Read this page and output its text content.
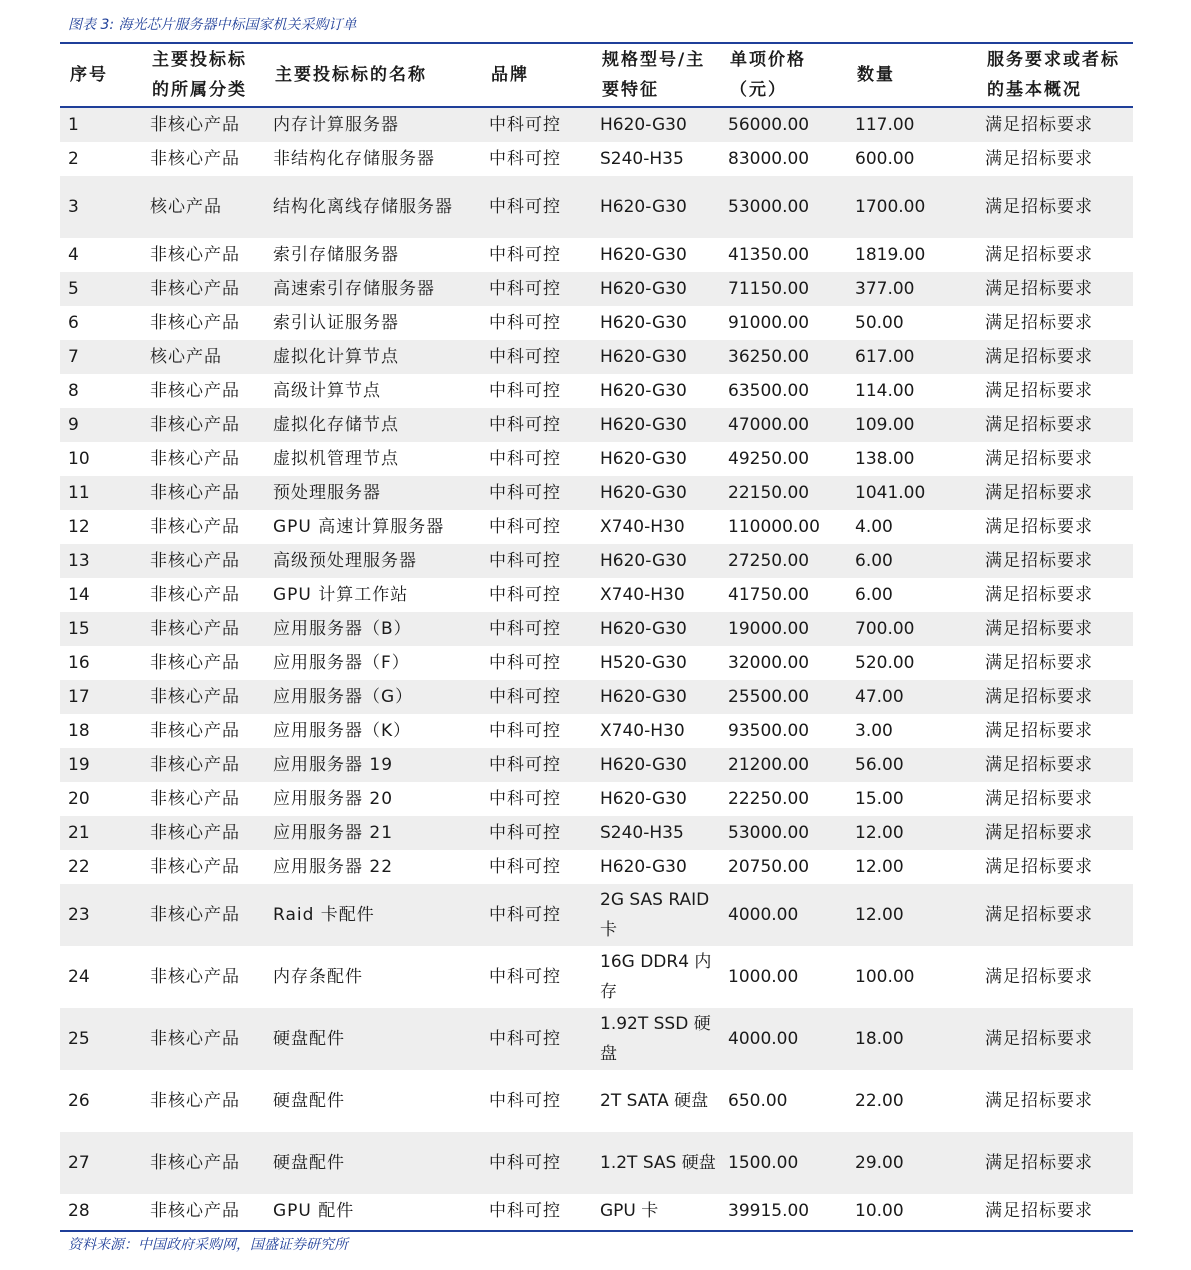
图表 3: 海光芯片服务器中标国家机关采购订单
序号	主要投标标的所属分类	主要投标标的名称	品牌	规格型号/主要特征	单项价格（元）	数量	服务要求或者标的基本概况
1	非核心产品	内存计算服务器	中科可控	H620-G30	56000.00	117.00	满足招标要求
2	非核心产品	非结构化存储服务器	中科可控	S240-H35	83000.00	600.00	满足招标要求
3	核心产品	结构化离线存储服务器	中科可控	H620-G30	53000.00	1700.00	满足招标要求
4	非核心产品	索引存储服务器	中科可控	H620-G30	41350.00	1819.00	满足招标要求
5	非核心产品	高速索引存储服务器	中科可控	H620-G30	71150.00	377.00	满足招标要求
6	非核心产品	索引认证服务器	中科可控	H620-G30	91000.00	50.00	满足招标要求
7	核心产品	虚拟化计算节点	中科可控	H620-G30	36250.00	617.00	满足招标要求
8	非核心产品	高级计算节点	中科可控	H620-G30	63500.00	114.00	满足招标要求
9	非核心产品	虚拟化存储节点	中科可控	H620-G30	47000.00	109.00	满足招标要求
10	非核心产品	虚拟机管理节点	中科可控	H620-G30	49250.00	138.00	满足招标要求
11	非核心产品	预处理服务器	中科可控	H620-G30	22150.00	1041.00	满足招标要求
12	非核心产品	GPU 高速计算服务器	中科可控	X740-H30	110000.00	4.00	满足招标要求
13	非核心产品	高级预处理服务器	中科可控	H620-G30	27250.00	6.00	满足招标要求
14	非核心产品	GPU 计算工作站	中科可控	X740-H30	41750.00	6.00	满足招标要求
15	非核心产品	应用服务器（B）	中科可控	H620-G30	19000.00	700.00	满足招标要求
16	非核心产品	应用服务器（F）	中科可控	H520-G30	32000.00	520.00	满足招标要求
17	非核心产品	应用服务器（G）	中科可控	H620-G30	25500.00	47.00	满足招标要求
18	非核心产品	应用服务器（K）	中科可控	X740-H30	93500.00	3.00	满足招标要求
19	非核心产品	应用服务器 19	中科可控	H620-G30	21200.00	56.00	满足招标要求
20	非核心产品	应用服务器 20	中科可控	H620-G30	22250.00	15.00	满足招标要求
21	非核心产品	应用服务器 21	中科可控	S240-H35	53000.00	12.00	满足招标要求
22	非核心产品	应用服务器 22	中科可控	H620-G30	20750.00	12.00	满足招标要求
23	非核心产品	Raid 卡配件	中科可控	2G SAS RAID 卡	4000.00	12.00	满足招标要求
24	非核心产品	内存条配件	中科可控	16G DDR4 内存	1000.00	100.00	满足招标要求
25	非核心产品	硬盘配件	中科可控	1.92T SSD 硬盘	4000.00	18.00	满足招标要求
26	非核心产品	硬盘配件	中科可控	2T SATA 硬盘	650.00	22.00	满足招标要求
27	非核心产品	硬盘配件	中科可控	1.2T SAS 硬盘	1500.00	29.00	满足招标要求
28	非核心产品	GPU 配件	中科可控	GPU 卡	39915.00	10.00	满足招标要求
资料来源：中国政府采购网，国盛证券研究所
